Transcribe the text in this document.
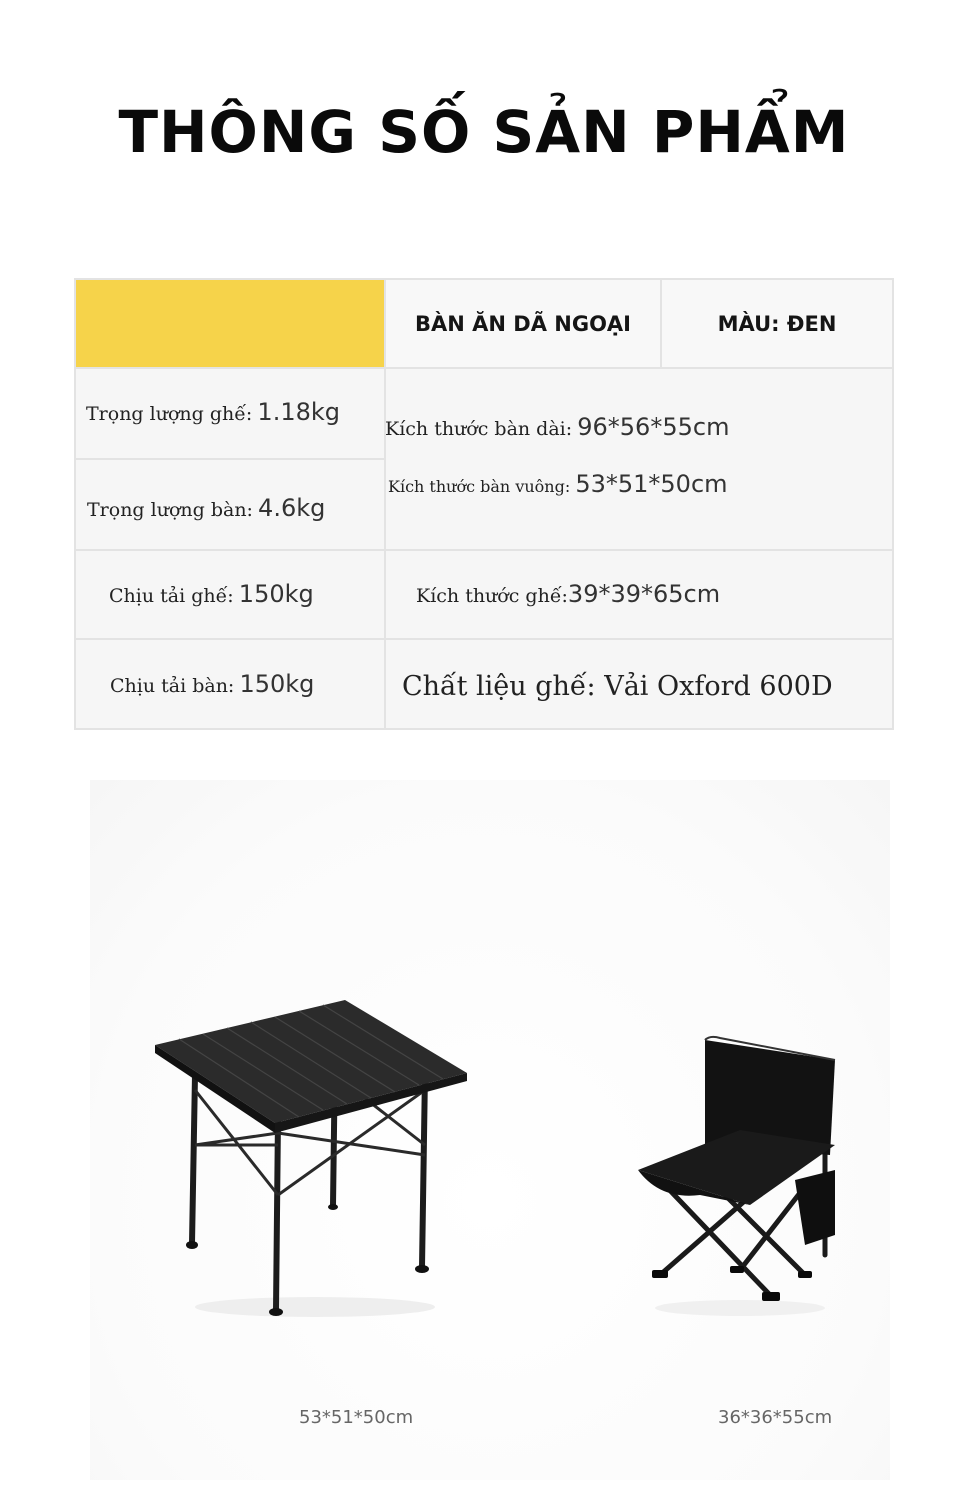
THÔNG SỐ SẢN PHẨM
BÀN ĂN DÃ NGOẠI	MÀU: ĐEN
Trọng lượng ghế: 1.18kg
Trọng lượng bàn: 4.6kg
Kích thước bàn dài: 96*56*55cm
Kích thước bàn vuông: 53*51*50cm
Chịu tải ghế: 150kg	Kích thước ghế:39*39*65cm
Chịu tải bàn: 150kg	Chất liệu ghế: Vải Oxford 600D
53*51*50cm	36*36*55cm
